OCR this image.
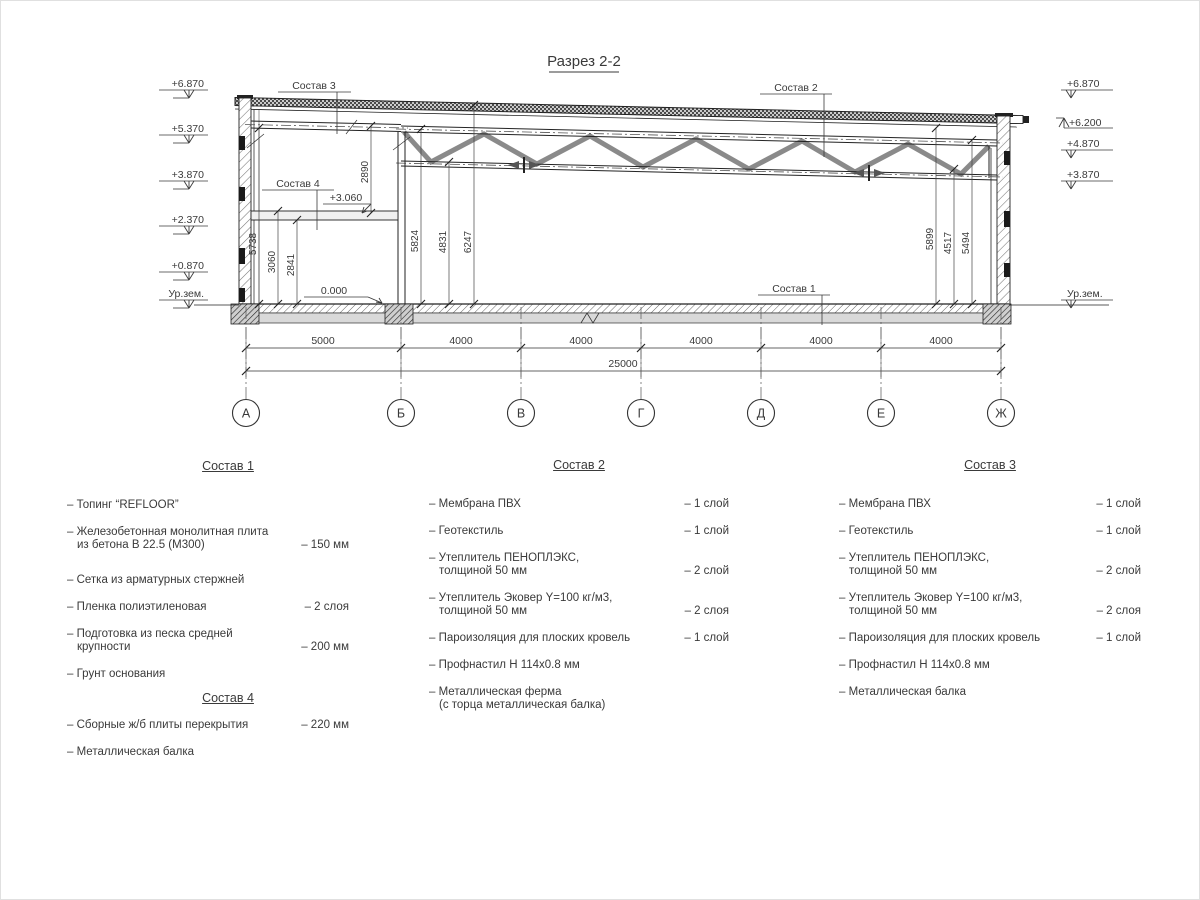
Разрез 2-2
Состав 3	Состав 2
Состав 4
Состав 1
+3.060
0.000
+6.870
+5.370
+3.870
+2.370
+0.870
Ур.зем.
+6.870
+6.200
+4.870
+3.870
Ур.зем.
5738
3060 2841
2890
5824 4831 6247	5899 4517 5494
5000	4000	4000	4000	4000	4000
25000
А	Б	В	Г	Д	Е	Ж
Состав 1
– Топинг “REFLOOR”
– Железобетонная монолитная плита
из бетона В 22.5 (М300)	– 150 мм
– Сетка из арматурных стержней
– Пленка полиэтиленовая	– 2 слоя
– Подготовка из песка средней
крупности	– 200 мм
– Грунт основания
Состав 2
– Мембрана ПВХ	– 1 слой
– Геотекстиль	– 1 слой
– Утеплитель ПЕНОПЛЭКС,
толщиной 50 мм	– 2 слой
– Утеплитель Эковер Y=100 кг/м3,
толщиной 50 мм	– 2 слоя
– Пароизоляция для плоских кровель	– 1 слой
– Профнастил Н 114х0.8 мм
– Металлическая ферма
(с торца металлическая балка)
Состав 3
– Мембрана ПВХ	– 1 слой
– Геотекстиль	– 1 слой
– Утеплитель ПЕНОПЛЭКС,
толщиной 50 мм	– 2 слой
– Утеплитель Эковер Y=100 кг/м3,
толщиной 50 мм	– 2 слоя
– Пароизоляция для плоских кровель	– 1 слой
– Профнастил Н 114х0.8 мм
– Металлическая балка
Состав 4
– Сборные ж/б плиты перекрытия	– 220 мм
– Металлическая балка
